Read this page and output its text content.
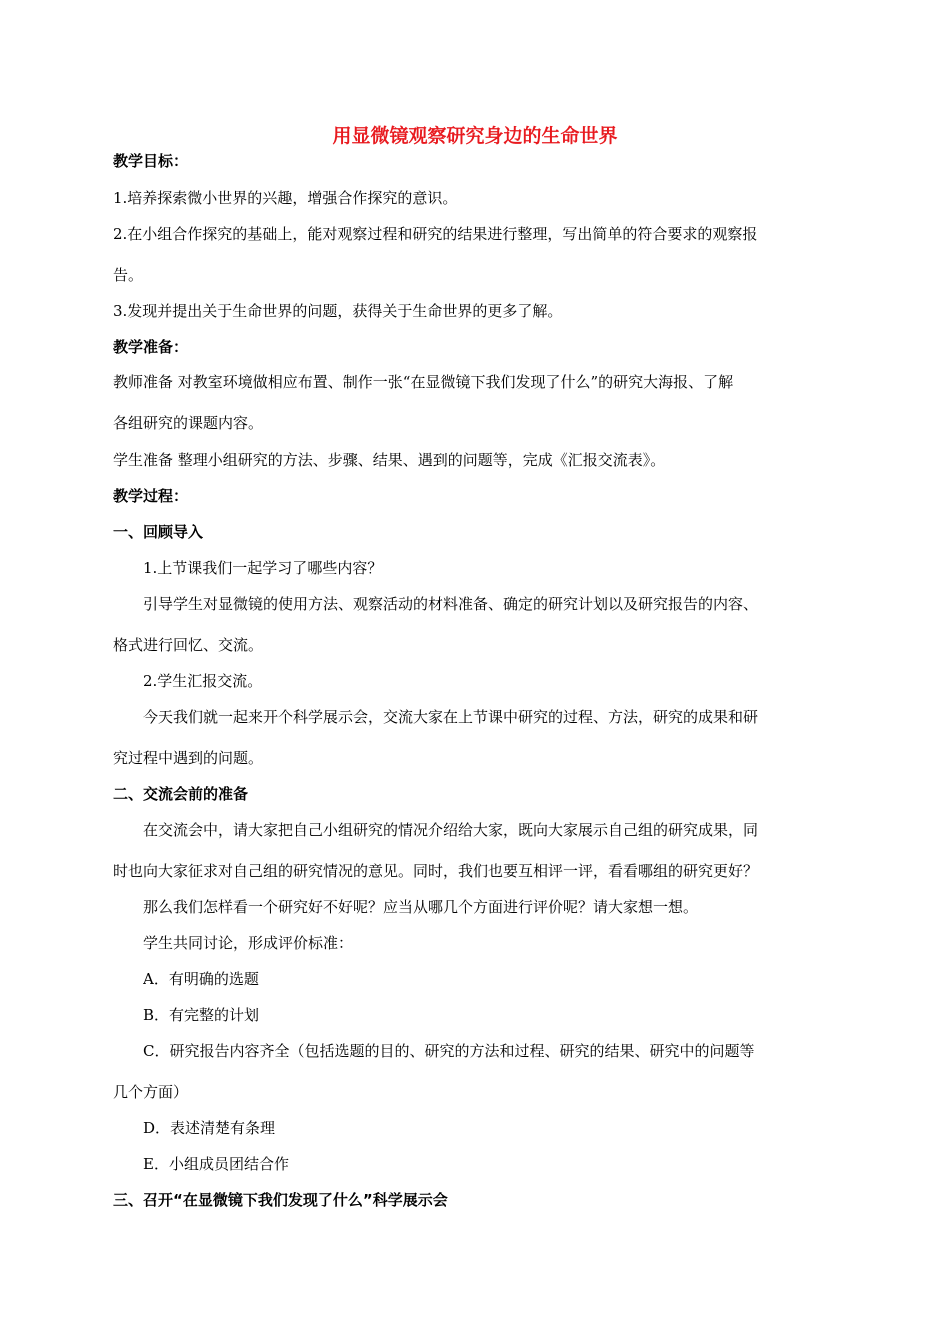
用显微镜观察研究身边的生命世界
教学目标：
1.培养探索微小世界的兴趣，增强合作探究的意识。
2.在小组合作探究的基础上，能对观察过程和研究的结果进行整理，写出简单的符合要求的观察报
告。
3.发现并提出关于生命世界的问题，获得关于生命世界的更多了解。
教学准备：
教师准备 对教室环境做相应布置、制作一张“在显微镜下我们发现了什么”的研究大海报、了解
各组研究的课题内容。
学生准备 整理小组研究的方法、步骤、结果、遇到的问题等，完成《汇报交流表》。
教学过程：
一、回顾导入
1.上节课我们一起学习了哪些内容？
引导学生对显微镜的使用方法、观察活动的材料准备、确定的研究计划以及研究报告的内容、
格式进行回忆、交流。
2.学生汇报交流。
今天我们就一起来开个科学展示会，交流大家在上节课中研究的过程、方法，研究的成果和研
究过程中遇到的问题。
二、交流会前的准备
在交流会中，请大家把自己小组研究的情况介绍给大家，既向大家展示自己组的研究成果，同
时也向大家征求对自己组的研究情况的意见。同时，我们也要互相评一评，看看哪组的研究更好？
那么我们怎样看一个研究好不好呢？应当从哪几个方面进行评价呢？请大家想一想。
学生共同讨论，形成评价标准：
A．有明确的选题
B．有完整的计划
C．研究报告内容齐全（包括选题的目的、研究的方法和过程、研究的结果、研究中的问题等
几个方面）
D．表述清楚有条理
E．小组成员团结合作
三、召开“在显微镜下我们发现了什么”科学展示会
